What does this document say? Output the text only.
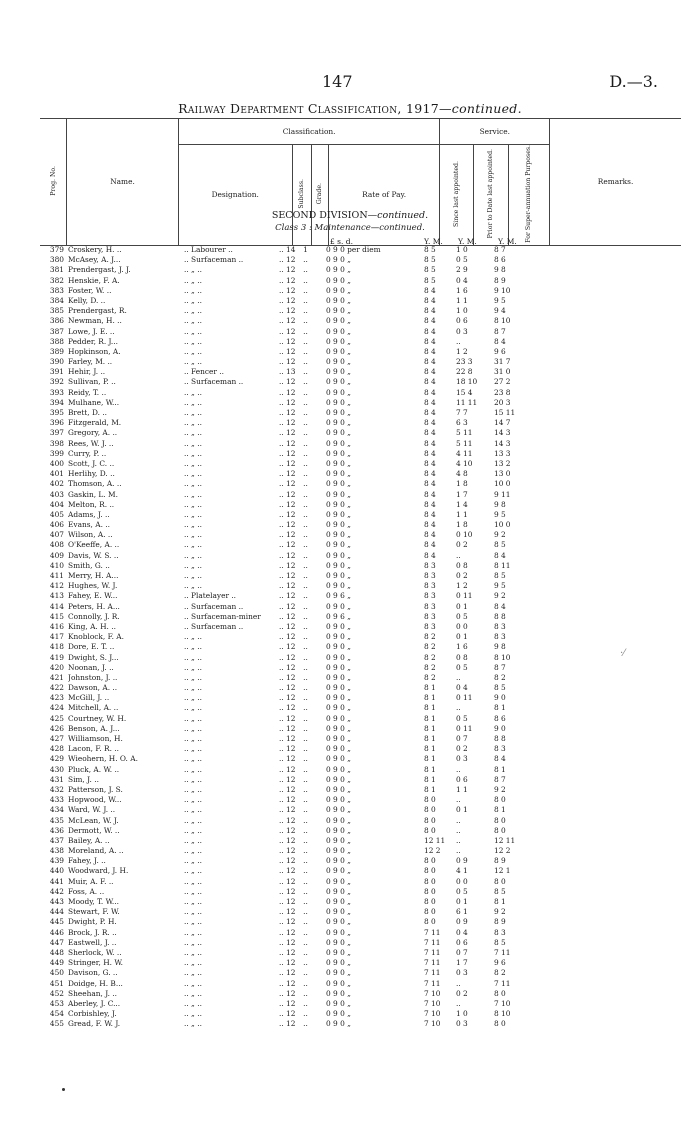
147	D.—3.
Railway Department Classification, 1917—continued.
Prog. No.	Name.	Classification.				Service.			Remarks.
		Designation.	Subclass.	Grade.	Rate of Pay.	Since last appointed.	Prior to Date last appointed.	For Super-annuation Purposes.	
SECOND DIVISION—continued.
Class 3 : Maintenance—continued.
£ s. d.	Y. M. Y. M.	Y. M.
379 Croskery, H. ..	.. Labourer ..	.. 14	1	0 9 0 per diem	8 5	1 0	8 7
380 McAsey, A. J...	.. Surfaceman ..	.. 12	..	0 9 0 „	8 5	0 5	8 6
381 Prendergast, J. J.	.. „ ..	.. 12	..	0 9 0 „	8 5	2 9	9 8
382 Henskie, F. A.	.. „ ..	.. 12	..	0 9 0 „	8 5	0 4	8 9
383 Foster, W. ..	.. „ ..	.. 12	..	0 9 0 „	8 4	1 6	9 10
384 Kelly, D. ..	.. „ ..	.. 12	..	0 9 0 „	8 4	1 1	9 5
385 Prendergast, R.	.. „ ..	.. 12	..	0 9 0 „	8 4	1 0	9 4
386 Newman, H. ..	.. „ ..	.. 12	..	0 9 0 „	8 4	0 6	8 10
387 Lowe, J. E. ..	.. „ ..	.. 12	..	0 9 0 „	8 4	0 3	8 7
388 Pedder, R. J...	.. „ ..	.. 12	..	0 9 0 „	8 4	..	8 4
389 Hopkinson, A.	.. „ ..	.. 12	..	0 9 0 „	8 4	1 2	9 6
390 Farley, M. ..	.. „ ..	.. 12	..	0 9 0 „	8 4	23 3	31 7
391 Hehir, J. ..	.. Fencer ..	.. 13	..	0 9 0 „	8 4	22 8	31 0
392 Sullivan, P. ..	.. Surfaceman ..	.. 12	..	0 9 0 „	8 4	18 10	27 2
393 Reidy, T. ..	.. „ ..	.. 12	..	0 9 0 „	8 4	15 4	23 8
394 Mulhane, W...	.. „ ..	.. 12	..	0 9 0 „	8 4	11 11	20 3
395 Brett, D. ..	.. „ ..	.. 12	..	0 9 0 „	8 4	7 7	15 11
396 Fitzgerald, M.	.. „ ..	.. 12	..	0 9 0 „	8 4	6 3	14 7
397 Gregory, A. ..	.. „ ..	.. 12	..	0 9 0 „	8 4	5 11	14 3
398 Rees, W. J. ..	.. „ ..	.. 12	..	0 9 0 „	8 4	5 11	14 3
399 Curry, P. ..	.. „ ..	.. 12	..	0 9 0 „	8 4	4 11	13 3
400 Scott, J. C. ..	.. „ ..	.. 12	..	0 9 0 „	8 4	4 10	13 2
401 Herlihy, D. ..	.. „ ..	.. 12	..	0 9 0 „	8 4	4 8	13 0
402 Thomson, A. ..	.. „ ..	.. 12	..	0 9 0 „	8 4	1 8	10 0
403 Gaskin, L. M.	.. „ ..	.. 12	..	0 9 0 „	8 4	1 7	9 11
404 Melton, R. ..	.. „ ..	.. 12	..	0 9 0 „	8 4	1 4	9 8
405 Adams, J. ..	.. „ ..	.. 12	..	0 9 0 „	8 4	1 1	9 5
406 Evans, A. ..	.. „ ..	.. 12	..	0 9 0 „	8 4	1 8	10 0
407 Wilson, A. ..	.. „ ..	.. 12	..	0 9 0 „	8 4	0 10	9 2
408 O'Keeffe, A. ..	.. „ ..	.. 12	..	0 9 0 „	8 4	0 2	8 5
409 Davis, W. S. ..	.. „ ..	.. 12	..	0 9 0 „	8 4	..	8 4
410 Smith, G. ..	.. „ ..	.. 12	..	0 9 0 „	8 3	0 8	8 11
411 Merry, H. A...	.. „ ..	.. 12	..	0 9 0 „	8 3	0 2	8 5
412 Hughes, W. J.	.. „ ..	.. 12	..	0 9 0 „	8 3	1 2	9 5
413 Fahey, E. W...	.. Platelayer ..	.. 12	..	0 9 6 „	8 3	0 11	9 2
414 Peters, H. A...	.. Surfaceman ..	.. 12	..	0 9 0 „	8 3	0 1	8 4
415 Connolly, J. R.	.. Surfaceman-miner	.. 12	..	0 9 6 „	8 3	0 5	8 8
416 King, A. H. ..	.. Surfaceman ..	.. 12	..	0 9 0 „	8 3	0 0	8 3
417 Knoblock, F. A.	.. „ ..	.. 12	..	0 9 0 „	8 2	0 1	8 3
418 Dore, E. T. ..	.. „ ..	.. 12	..	0 9 0 „	8 2	1 6	9 8
419 Dwight, S. J...	.. „ ..	.. 12	..	0 9 0 „	8 2	0 8	8 10
420 Noonan, J. ..	.. „ ..	.. 12	..	0 9 0 „	8 2	0 5	8 7
421 Johnston, J. ..	.. „ ..	.. 12	..	0 9 0 „	8 2	..	8 2
422 Dawson, A. ..	.. „ ..	.. 12	..	0 9 0 „	8 1	0 4	8 5
423 McGill, J. ..	.. „ ..	.. 12	..	0 9 0 „	8 1	0 11	9 0
424 Mitchell, A. ..	.. „ ..	.. 12	..	0 9 0 „	8 1	..	8 1
425 Courtney, W. H.	.. „ ..	.. 12	..	0 9 0 „	8 1	0 5	8 6
426 Benson, A. J...	.. „ ..	.. 12	..	0 9 0 „	8 1	0 11	9 0
427 Williamson, H.	.. „ ..	.. 12	..	0 9 0 „	8 1	0 7	8 8
428 Lacon, F. R. ..	.. „ ..	.. 12	..	0 9 0 „	8 1	0 2	8 3
429 Wieohern, H. O. A.	.. „ ..	.. 12	..	0 9 0 „	8 1	0 3	8 4
430 Pluck, A. W. ..	.. „ ..	.. 12	..	0 9 0 „	8 1	..	8 1
431 Sim, J. ..	.. „ ..	.. 12	..	0 9 0 „	8 1	0 6	8 7
432 Patterson, J. S.	.. „ ..	.. 12	..	0 9 0 „	8 1	1 1	9 2
433 Hopwood, W...	.. „ ..	.. 12	..	0 9 0 „	8 0	..	8 0
434 Ward, W. J. ..	.. „ ..	.. 12	..	0 9 0 „	8 0	0 1	8 1
435 McLean, W. J.	.. „ ..	.. 12	..	0 9 0 „	8 0	..	8 0
436 Dermott, W. ..	.. „ ..	.. 12	..	0 9 0 „	8 0	..	8 0
437 Bailey, A. ..	.. „ ..	.. 12	..	0 9 0 „	12 11	..	12 11
438 Moreland, A. ..	.. „ ..	.. 12	..	0 9 0 „	12 2	..	12 2
439 Fahey, J. ..	.. „ ..	.. 12	..	0 9 0 „	8 0	0 9	8 9
440 Woodward, J. H.	.. „ ..	.. 12	..	0 9 0 „	8 0	4 1	12 1
441 Muir, A. F. ..	.. „ ..	.. 12	..	0 9 0 „	8 0	0 0	8 0
442 Foss, A. ..	.. „ ..	.. 12	..	0 9 0 „	8 0	0 5	8 5
443 Moody, T. W...	.. „ ..	.. 12	..	0 9 0 „	8 0	0 1	8 1
444 Stewart, F. W.	.. „ ..	.. 12	..	0 9 0 „	8 0	6 1	9 2
445 Dwight, P. H.	.. „ ..	.. 12	..	0 9 0 „	8 0	0 9	8 9
446 Brock, J. R. ..	.. „ ..	.. 12	..	0 9 0 „	7 11	0 4	8 3
447 Eastwell, J. ..	.. „ ..	.. 12	..	0 9 0 „	7 11	0 6	8 5
448 Sherlock, W. ..	.. „ ..	.. 12	..	0 9 0 „	7 11	0 7	7 11
449 Stringer, H. W.	.. „ ..	.. 12	..	0 9 0 „	7 11	1 7	9 6
450 Davison, G. ..	.. „ ..	.. 12	..	0 9 0 „	7 11	0 3	8 2
451 Doidge, H. B...	.. „ ..	.. 12	..	0 9 0 „	7 11	..	7 11
452 Sheehan, J. ..	.. „ ..	.. 12	..	0 9 0 „	7 10	0 2	8 0
453 Aberley, J. C...	.. „ ..	.. 12	..	0 9 0 „	7 10	..	7 10
454 Corbishley, J.	.. „ ..	.. 12	..	0 9 0 „	7 10	1 0	8 10
455 Gread, F. W. J.	.. „ ..	.. 12	..	0 9 0 „	7 10	0 3	8 0
·⁄
